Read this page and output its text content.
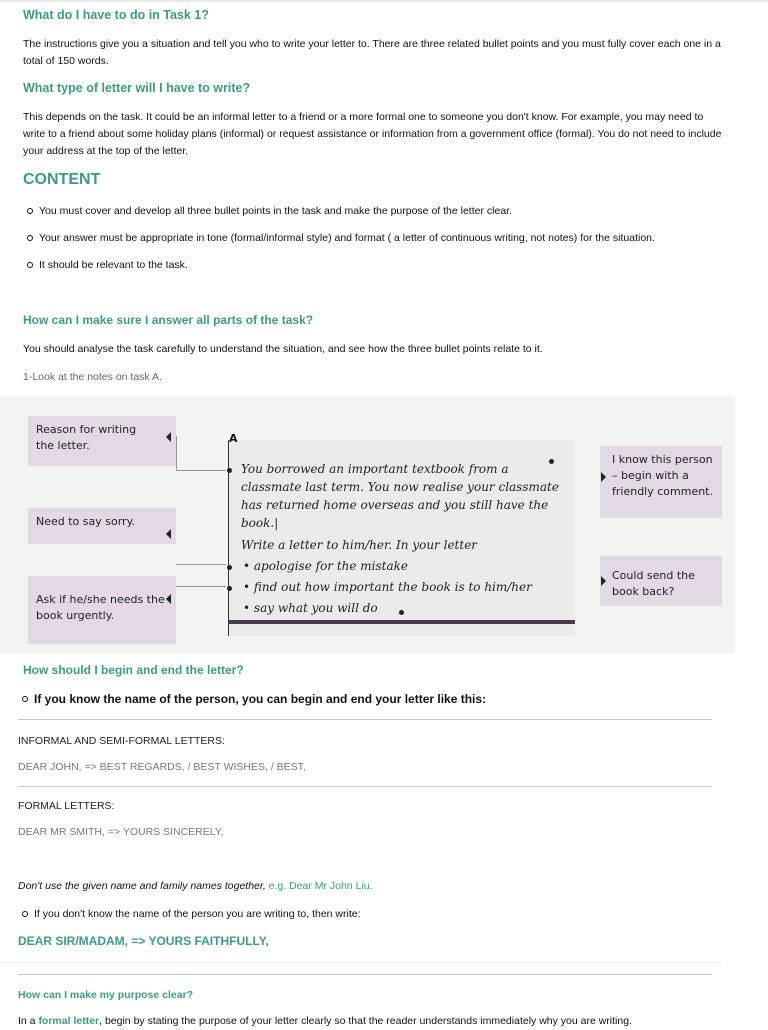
What do I have to do in Task 1?
The instructions give you a situation and tell you who to write your letter to. There are three related bullet points and you must fully cover each one in a total of 150 words.
What type of letter will I have to write?
This depends on the task. It could be an informal letter to a friend or a more formal one to someone you don't know. For example, you may need to write to a friend about some holiday plans (informal) or request assistance or information from a government office (formal). You do not need to include your address at the top of the letter.
CONTENT
You must cover and develop all three bullet points in the task and make the purpose of the letter clear.
Your answer must be appropriate in tone (formal/informal style) and format ( a letter of continuous writing, not notes) for the situation.
It should be relevant to the task.
How can I make sure I answer all parts of the task?
You should analyse the task carefully to understand the situation, and see how the three bullet points relate to it.
1-Look at the notes on task A.
Reason for writing the letter.
Need to say sorry.
Ask if he/she needs the book urgently.
A
You borrowed an important textbook from a classmate last term. You now realise your classmate has returned home overseas and you still have the book.|
Write a letter to him/her. In your letter
• apologise for the mistake
• find out how important the book is to him/her
• say what you will do
I know this person – begin with a friendly comment.
Could send the book back?
How should I begin and end the letter?
If you know the name of the person, you can begin and end your letter like this:
INFORMAL AND SEMI-FORMAL LETTERS:
DEAR JOHN, => BEST REGARDS, / BEST WISHES, / BEST,
FORMAL LETTERS:
DEAR MR SMITH, => YOURS SINCERELY,
Don't use the given name and family names together, e.g. Dear Mr John Liu.
If you don't know the name of the person you are writing to, then write:
DEAR SIR/MADAM, => YOURS FAITHFULLY,
How can I make my purpose clear?
In a formal letter, begin by stating the purpose of your letter clearly so that the reader understands immediately why you are writing.
